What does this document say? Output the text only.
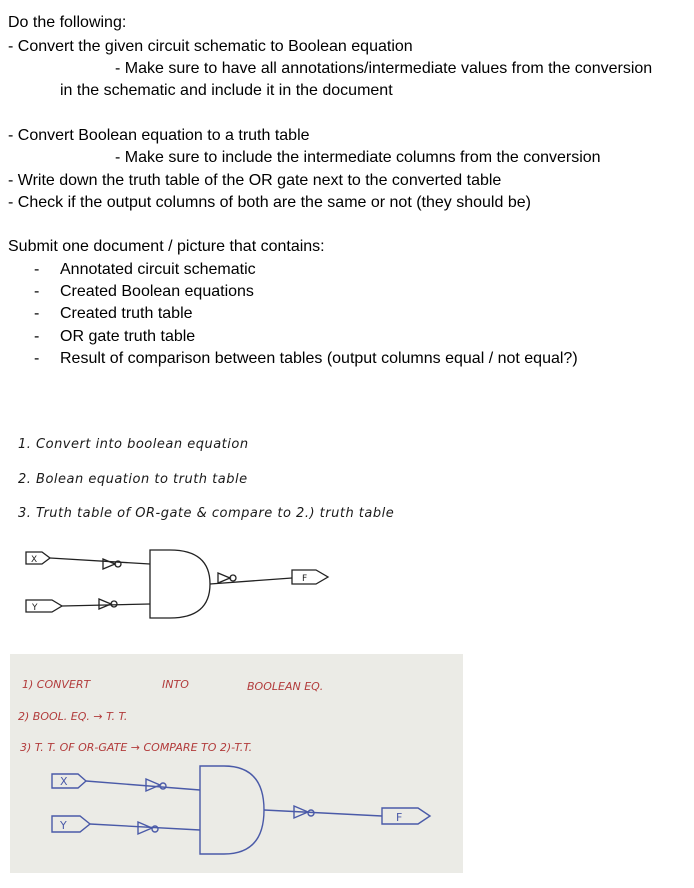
Do the following:
- Convert the given circuit schematic to Boolean equation
- Make sure to have all annotations/intermediate values from the conversion
in the schematic and include it in the document
- Convert Boolean equation to a truth table
- Make sure to include the intermediate columns from the conversion
- Write down the truth table of the OR gate next to the converted table
- Check if the output columns of both are the same or not (they should be)
Submit one document / picture that contains:
- Annotated circuit schematic
- Created Boolean equations
- Created truth table
- OR gate truth table
- Result of comparison between tables (output columns equal / not equal?)
1. Convert into boolean equation
2. Bolean equation to truth table
3. Truth table of OR-gate & compare to 2.) truth table
X
Y
F
1) CONVERT	INTO	BOOLEAN EQ.
2) BOOL. EQ. → T. T.
3) T. T. OF OR-GATE → COMPARE TO 2)-T.T.
X
Y
F
